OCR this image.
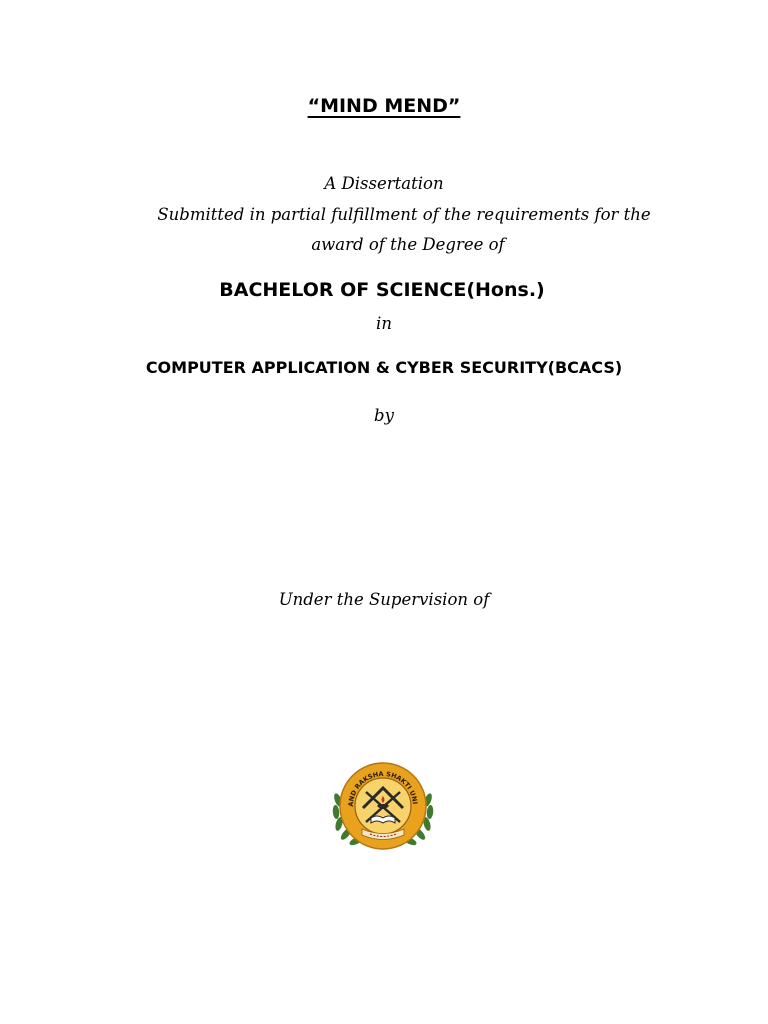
“MIND MEND”
A Dissertation
Submitted in partial fulfillment of the requirements for the
award of the Degree of
BACHELOR OF SCIENCE(Hons.)
in
COMPUTER APPLICATION & CYBER SECURITY(BCACS)
by
Under the Supervision of
AND RAKSHA SHAKTI UNI
